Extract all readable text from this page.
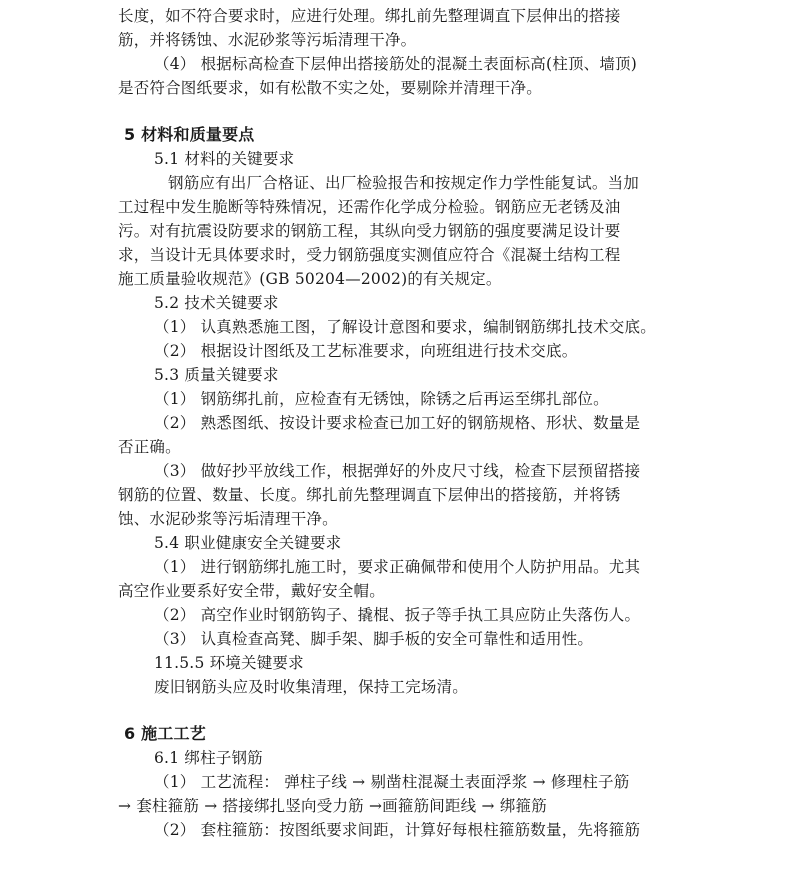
长度，如不符合要求时，应进行处理。绑扎前先整理调直下层伸出的搭接
筋，并将锈蚀、水泥砂浆等污垢清理干净。
（4） 根据标高检查下层伸出搭接筋处的混凝土表面标高(柱顶、墙顶)
是否符合图纸要求，如有松散不实之处，要剔除并清理干净。
5 材料和质量要点
5.1 材料的关键要求
钢筋应有出厂合格证、出厂检验报告和按规定作力学性能复试。当加
工过程中发生脆断等特殊情况，还需作化学成分检验。钢筋应无老锈及油
污。对有抗震设防要求的钢筋工程，其纵向受力钢筋的强度要满足设计要
求，当设计无具体要求时，受力钢筋强度实测值应符合《混凝土结构工程
施工质量验收规范》(GB 50204—2002)的有关规定。
5.2 技术关键要求
（1） 认真熟悉施工图，了解设计意图和要求，编制钢筋绑扎技术交底。
（2） 根据设计图纸及工艺标准要求，向班组进行技术交底。
5.3 质量关键要求
（1） 钢筋绑扎前，应检查有无锈蚀，除锈之后再运至绑扎部位。
（2） 熟悉图纸、按设计要求检查已加工好的钢筋规格、形状、数量是
否正确。
（3） 做好抄平放线工作，根据弹好的外皮尺寸线，检查下层预留搭接
钢筋的位置、数量、长度。绑扎前先整理调直下层伸出的搭接筋，并将锈
蚀、水泥砂浆等污垢清理干净。
5.4 职业健康安全关键要求
（1） 进行钢筋绑扎施工时，要求正确佩带和使用个人防护用品。尤其
高空作业要系好安全带，戴好安全帽。
（2） 高空作业时钢筋钩子、撬棍、扳子等手执工具应防止失落伤人。
（3） 认真检查高凳、脚手架、脚手板的安全可靠性和适用性。
11.5.5 环境关键要求
废旧钢筋头应及时收集清理，保持工完场清。
6 施工工艺
6.1 绑柱子钢筋
（1） 工艺流程： 弹柱子线 → 剔凿柱混凝土表面浮浆 → 修理柱子筋
→ 套柱箍筋 → 搭接绑扎竖向受力筋 →画箍筋间距线 → 绑箍筋
（2） 套柱箍筋：按图纸要求间距，计算好每根柱箍筋数量，先将箍筋
